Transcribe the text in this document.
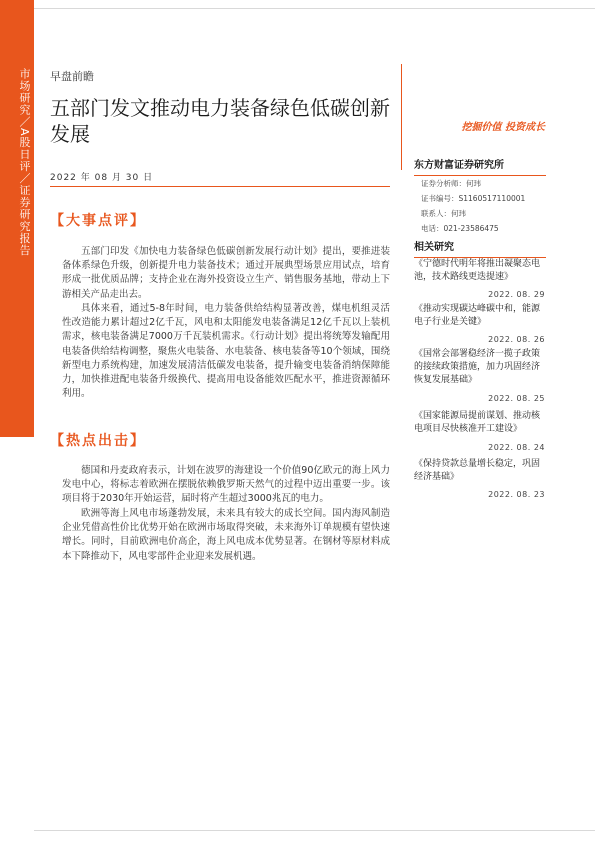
市场研究／A股日评／证券研究报告 早盘前瞻
五部门发文推动电力装备绿色低碳创新发展
2022 年 08 月 30 日
【大事点评】

五部门印发《加快电力装备绿色低碳创新发展行动计划》提出，要推进装备体系绿色升级，创新提升电力装备技术；通过开展典型场景应用试点，培育形成一批优质品牌；支持企业在海外投资设立生产、销售服务基地，带动上下游相关产品走出去。

具体来看，通过5-8年时间，电力装备供给结构显著改善，煤电机组灵活性改造能力累计超过2亿千瓦，风电和太阳能发电装备满足12亿千瓦以上装机需求，核电装备满足7000万千瓦装机需求。《行动计划》提出将统筹发输配用电装备供给结构调整，聚焦火电装备、水电装备、核电装备等10个领域，围绕新型电力系统构建，加速发展清洁低碳发电装备，提升输变电装备消纳保障能力，加快推进配电装备升级换代、提高用电设备能效匹配水平，推进资源循环利用。

【热点出击】

德国和丹麦政府表示，计划在波罗的海建设一个价值90亿欧元的海上风力发电中心，将标志着欧洲在摆脱依赖俄罗斯天然气的过程中迈出重要一步。该项目将于2030年开始运营，届时将产生超过3000兆瓦的电力。

欧洲等海上风电市场蓬勃发展，未来具有较大的成长空间。国内海风制造企业凭借高性价比优势开始在欧洲市场取得突破，未来海外订单规模有望快速增长。同时，目前欧洲电价高企，海上风电成本优势显著。在钢材等原材料成本下降推动下，风电零部件企业迎来发展机遇。

挖掘价值 投资成长
东方财富证券研究所
证券分析师：何玮
证书编号：S1160517110001
联系人：何玮
电话：021-23586475
相关研究
《宁德时代明年将推出凝聚态电池，技术路线更迭提速》
2022. 08. 29
《推动实现碳达峰碳中和，能源电子行业是关键》
2022. 08. 26
《国常会部署稳经济一揽子政策的接续政策措施，加力巩固经济恢复发展基础》
2022. 08. 25
《国家能源局提前谋划、推动核电项目尽快核准开工建设》
2022. 08. 24
《保持贷款总量增长稳定，巩固经济基础》
2022. 08. 23
